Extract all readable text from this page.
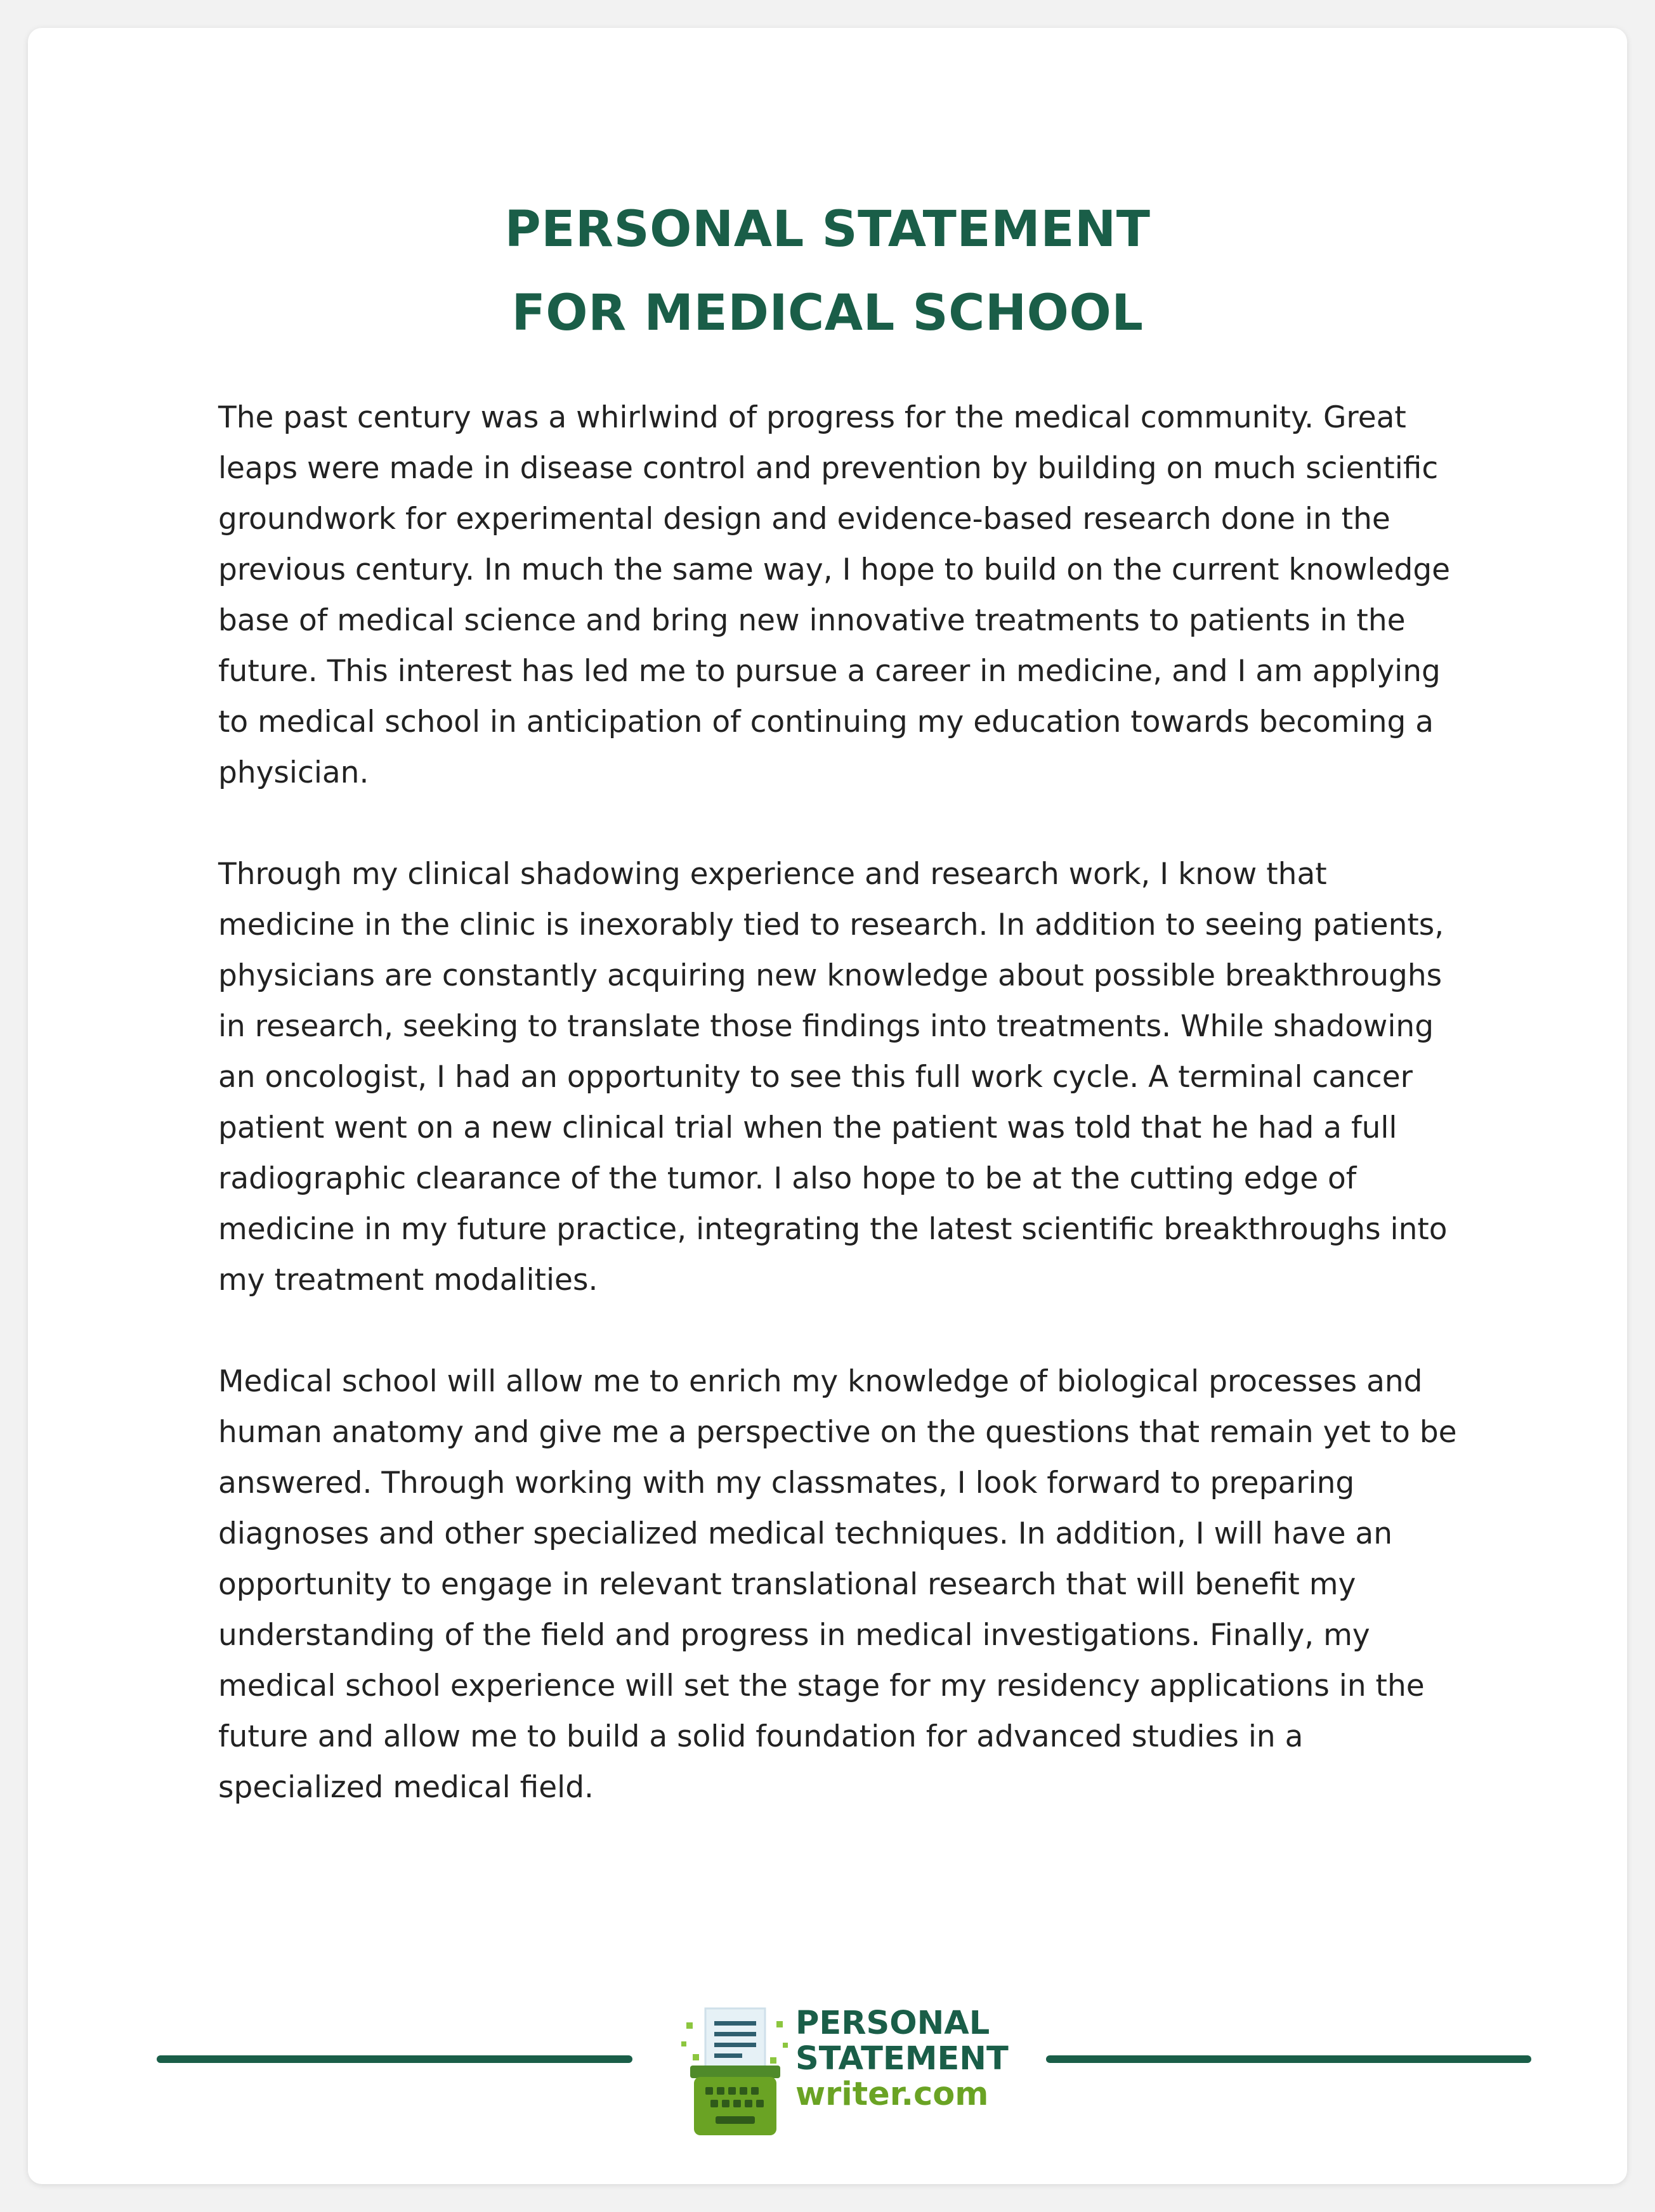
PERSONAL STATEMENT
FOR MEDICAL SCHOOL

The past century was a whirlwind of progress for the medical community. Great leaps were made in disease control and prevention by building on much scientific groundwork for experimental design and evidence-based research done in the previous century. In much the same way, I hope to build on the current knowledge base of medical science and bring new innovative treatments to patients in the future. This interest has led me to pursue a career in medicine, and I am applying to medical school in anticipation of continuing my education towards becoming a physician.

Through my clinical shadowing experience and research work, I know that medicine in the clinic is inexorably tied to research. In addition to seeing patients, physicians are constantly acquiring new knowledge about possible breakthroughs in research, seeking to translate those findings into treatments. While shadowing an oncologist, I had an opportunity to see this full work cycle. A terminal cancer patient went on a new clinical trial when the patient was told that he had a full radiographic clearance of the tumor. I also hope to be at the cutting edge of medicine in my future practice, integrating the latest scientific breakthroughs into my treatment modalities.

Medical school will allow me to enrich my knowledge of biological processes and human anatomy and give me a perspective on the questions that remain yet to be answered. Through working with my classmates, I look forward to preparing diagnoses and other specialized medical techniques. In addition, I will have an opportunity to engage in relevant translational research that will benefit my understanding of the field and progress in medical investigations. Finally, my medical school experience will set the stage for my residency applications in the future and allow me to build a solid foundation for advanced studies in a specialized medical field.

PERSONAL
STATEMENT
writer.com
